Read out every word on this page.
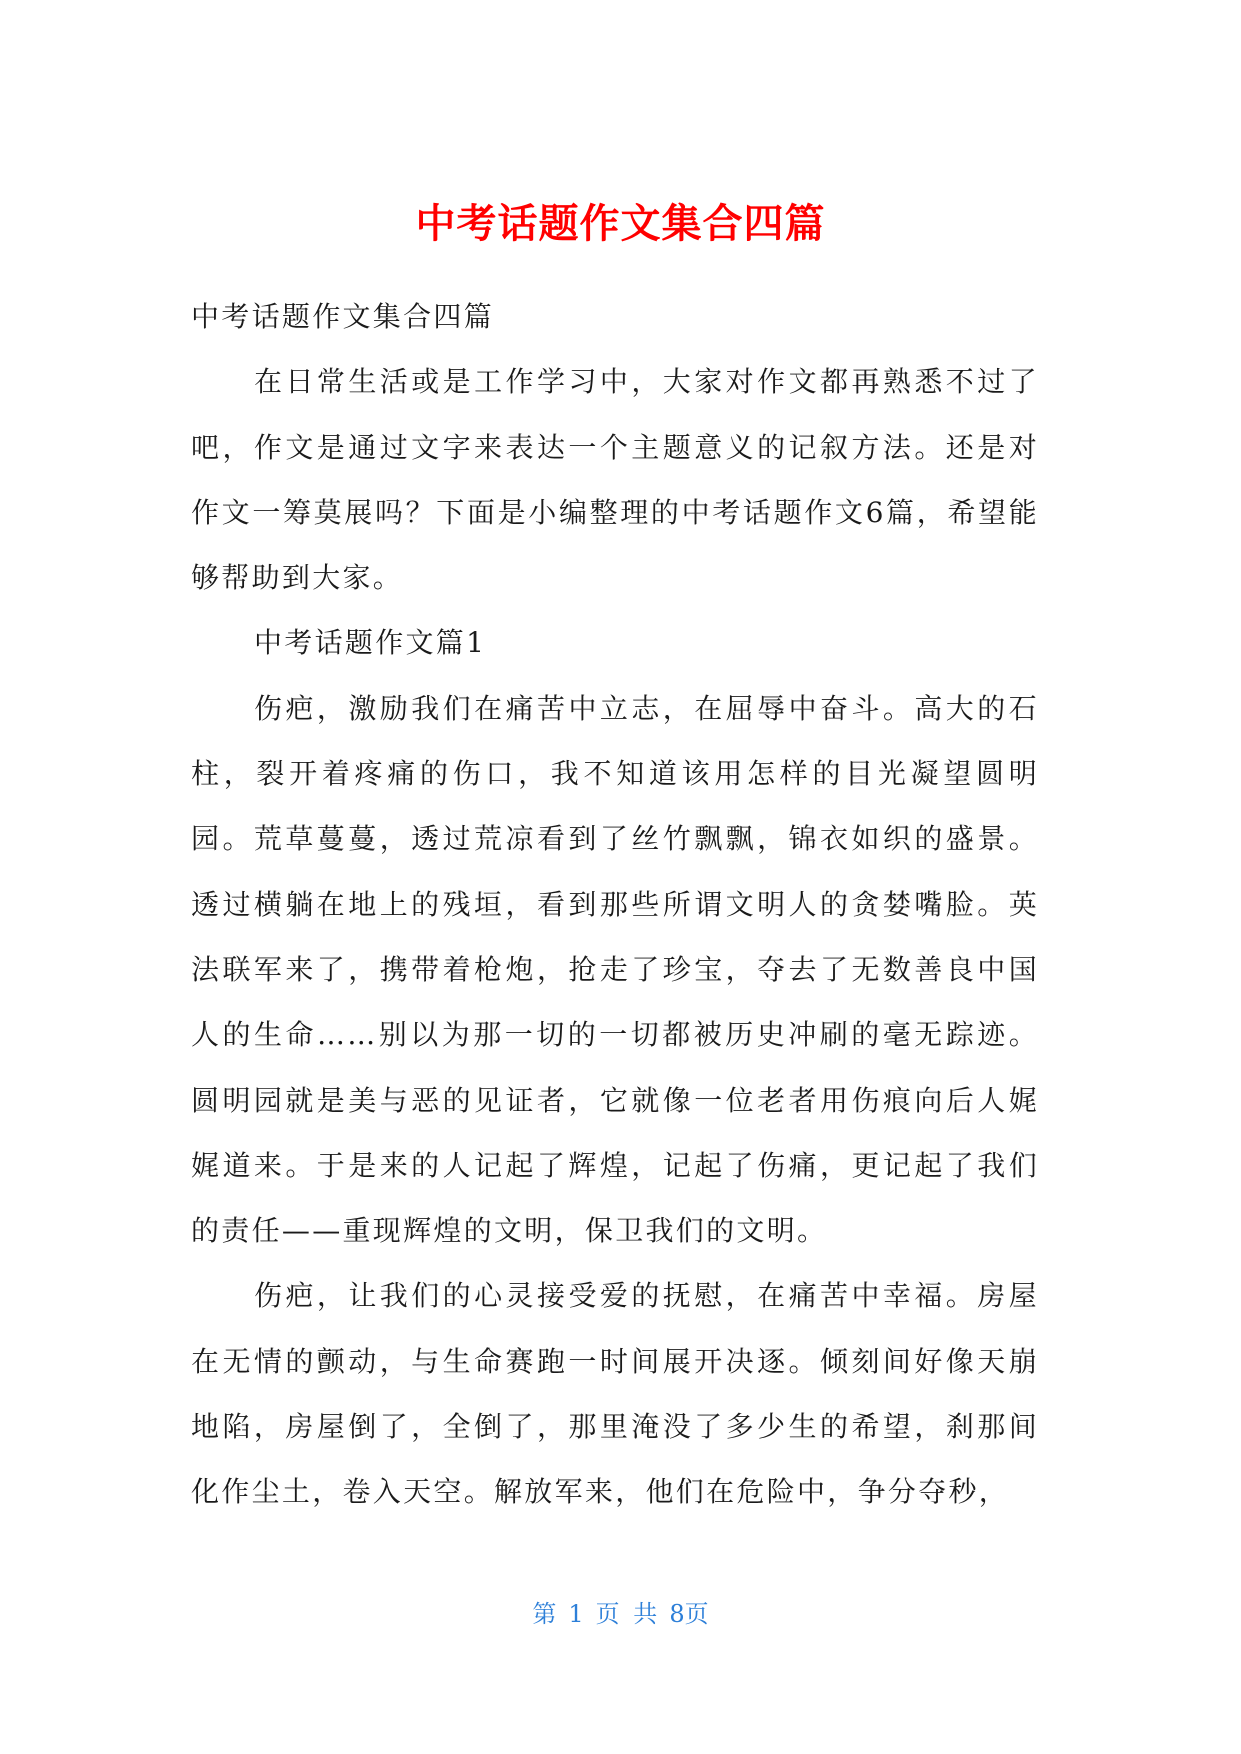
中考话题作文集合四篇

中考话题作文集合四篇

在日常生活或是工作学习中，大家对作文都再熟悉不过了吧，作文是通过文字来表达一个主题意义的记叙方法。还是对作文一筹莫展吗？下面是小编整理的中考话题作文6篇，希望能够帮助到大家。

中考话题作文篇1

伤疤，激励我们在痛苦中立志，在屈辱中奋斗。高大的石柱，裂开着疼痛的伤口，我不知道该用怎样的目光凝望圆明园。荒草蔓蔓，透过荒凉看到了丝竹飘飘，锦衣如织的盛景。透过横躺在地上的残垣，看到那些所谓文明人的贪婪嘴脸。英法联军来了，携带着枪炮，抢走了珍宝，夺去了无数善良中国人的生命……别以为那一切的一切都被历史冲刷的毫无踪迹。圆明园就是美与恶的见证者，它就像一位老者用伤痕向后人娓娓道来。于是来的人记起了辉煌，记起了伤痛，更记起了我们的责任——重现辉煌的文明，保卫我们的文明。

伤疤，让我们的心灵接受爱的抚慰，在痛苦中幸福。房屋在无情的颤动，与生命赛跑一时间展开决逐。倾刻间好像天崩地陷，房屋倒了，全倒了，那里淹没了多少生的希望，刹那间化作尘土，卷入天空。解放军来，他们在危险中，争分夺秒，

第 1 页 共 8页
